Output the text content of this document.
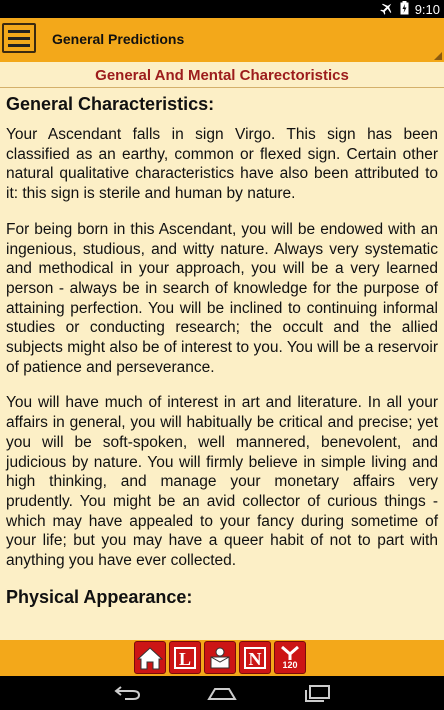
9:10
General Predictions
General And Mental Charectoristics
General Characteristics:

Your Ascendant falls in sign Virgo. This sign has been classified as an earthy, common or flexed sign. Certain other natural qualitative characteristics have also been attributed to it: this sign is sterile and human by nature.

For being born in this Ascendant, you will be endowed with an ingenious, studious, and witty nature. Always very systematic and methodical in your approach, you will be a very learned person - always be in search of knowledge for the purpose of attaining perfection. You will be inclined to continuing informal studies or conducting research; the occult and the allied subjects might also be of interest to you. You will be a reservoir of patience and perseverance.

You will have much of interest in art and literature. In all your affairs in general, you will habitually be critical and precise; yet you will be soft-spoken, well mannered, benevolent, and judicious by nature. You will firmly believe in simple living and high thinking, and manage your monetary affairs very prudently. You might be an avid collector of curious things - which may have appealed to your fancy during sometime of your life; but you may have a queer habit of not to part with anything you have ever collected.

Physical Appearance:
L	N 120
